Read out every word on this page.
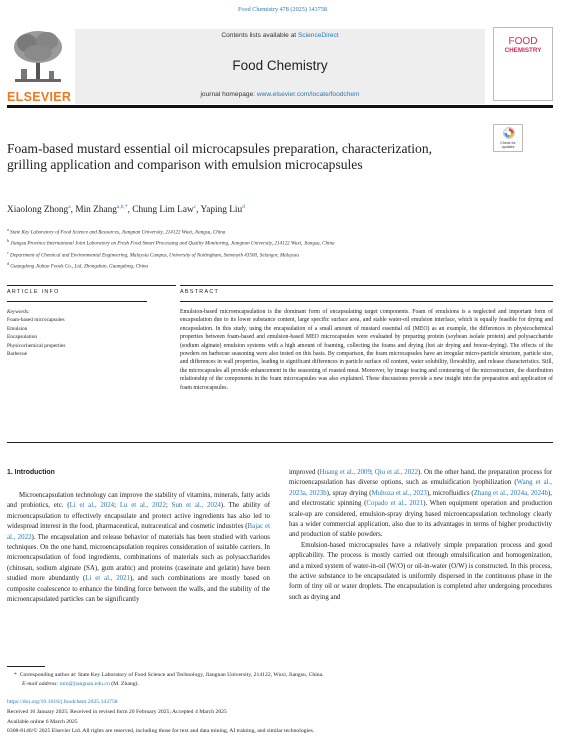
Food Chemistry 478 (2025) 143758
ELSEVIER
Contents lists available at ScienceDirect
Food Chemistry
journal homepage: www.elsevier.com/locate/foodchem
FOOD
CHEMISTRY
Check for
updates
Foam-based mustard essential oil microcapsules preparation, characterization, grilling application and comparison with emulsion microcapsules
Xiaolong Zhong$^a$, Min Zhang$^{a,b,*}$, Chung Lim Law$^c$, Yaping Liu$^d$
$^a$ State Key Laboratory of Food Science and Resources, Jiangnan University, 214122 Wuxi, Jiangsu, China
$^b$ Jiangsu Province International Joint Laboratory on Fresh Food Smart Processing and Quality Monitoring, Jiangnan University, 214122 Wuxi, Jiangsu, China
$^c$ Department of Chemical and Environmental Engineering, Malaysia Campus, University of Nottingham, Semenyih 43500, Selangor, Malaysia
$^d$ Guangdong Jiahao Foods Co., Ltd, Zhongshan, Guangdong, China
ARTICLE INFO	ABSTRACT
Keywords:
Foam-based microcapsules
Emulsion
Encapsulation
Physicochemical properties
Barbecue
Emulsion-based microencapsulation is the dominant form of encapsulating target components. Foam of emulsions is a neglected and important form of encapsulation due to its lower substance content, large specific surface area, and stable water-oil emulsion interface, which is equally feasible for drying and encapsulation. In this study, using the encapsulation of a small amount of mustard essential oil (MEO) as an example, the differences in physicochemical properties between foam-based and emulsion-based MEO microcapsules were evaluated by preparing protein (soybean isolate protein) and polysaccharide (sodium alginate) emulsion systems with a high amount of foaming, collecting the foams and drying (hot air drying and freeze-drying). The effects of the powders on barbecue seasoning were also tested on this basis. By comparison, the foam microcapsules have an irregular micro-particle structure, particle size, and differences in wall properties, leading to significant differences in particle surface oil content, water solubility, flowability, and release characteristics. Still, the microcapsules all provide enhancement in the seasoning of roasted meat. Moreover, by image tracing and contouring of the microstructure, the distribution relationship of the components in the foam microcapsules was also explained. These discussions provide a new insight into the preparation and application of foam microcapsules.
1. Introduction

Microencapsulation technology can improve the stability of vitamins, minerals, fatty acids and probiotics, etc. (Li et al., 2024; Lu et al., 2022; Sun et al., 2024). The ability of microencapsulation to effectively encapsulate and protect active ingredients has also led to widespread interest in the food, pharmaceutical, nutraceutical and cosmetic industries (Bajac et al., 2022). The encapsulation and release behavior of materials has been studied with various techniques. On the one hand, microencapsulation requires consideration of suitable carriers. In microencapsulation of food ingredients, combinations of materials such as polysaccharides (chitosan, sodium alginate (SA), gum arabic) and proteins (caseinate and gelatin) have been studied more abundantly (Li et al., 2021), and such combinations are mostly based on composite coalescence to enhance the binding force between the walls, and the stability of the microencapsulated particles can be significantly

improved (Huang et al., 2009; Qiu et al., 2022). On the other hand, the preparation process for microencapsulation has diverse options, such as emulsification lyophilization (Wang et al., 2023a, 2023b), spray drying (Muhoza et al., 2023), microfluidics (Zhang et al., 2024a, 2024b), and electrostatic spinning (Copado et al., 2021). When equipment operation and production scale-up are considered, emulsion-spray drying based microencapsulation technology clearly has a wider commercial application, also due to its advantages in terms of higher productivity and production of stable powders.

Emulsion-based microcapsules have a relatively simple preparation process and good applicability. The process is mostly carried out through emulsification and homogenization, and a mixed system of water-in-oil (W/O) or oil-in-water (O/W) is constructed. In this process, the active substance to be encapsulated is uniformly dispersed in the continuous phase in the form of tiny oil or water droplets. The encapsulation is completed after undergoing procedures such as drying and

* Corresponding author at: State Key Laboratory of Food Science and Technology, Jiangnan University, 214122, Wuxi, Jiangsu, China.
E-mail address: min@jiangnan.edu.cn (M. Zhang).
https://doi.org/10.1016/j.foodchem.2025.143758
Received 16 January 2025; Received in revised form 20 February 2025; Accepted 4 March 2025
Available online 6 March 2025
0308-8146/© 2025 Elsevier Ltd. All rights are reserved, including those for text and data mining, AI training, and similar technologies.
